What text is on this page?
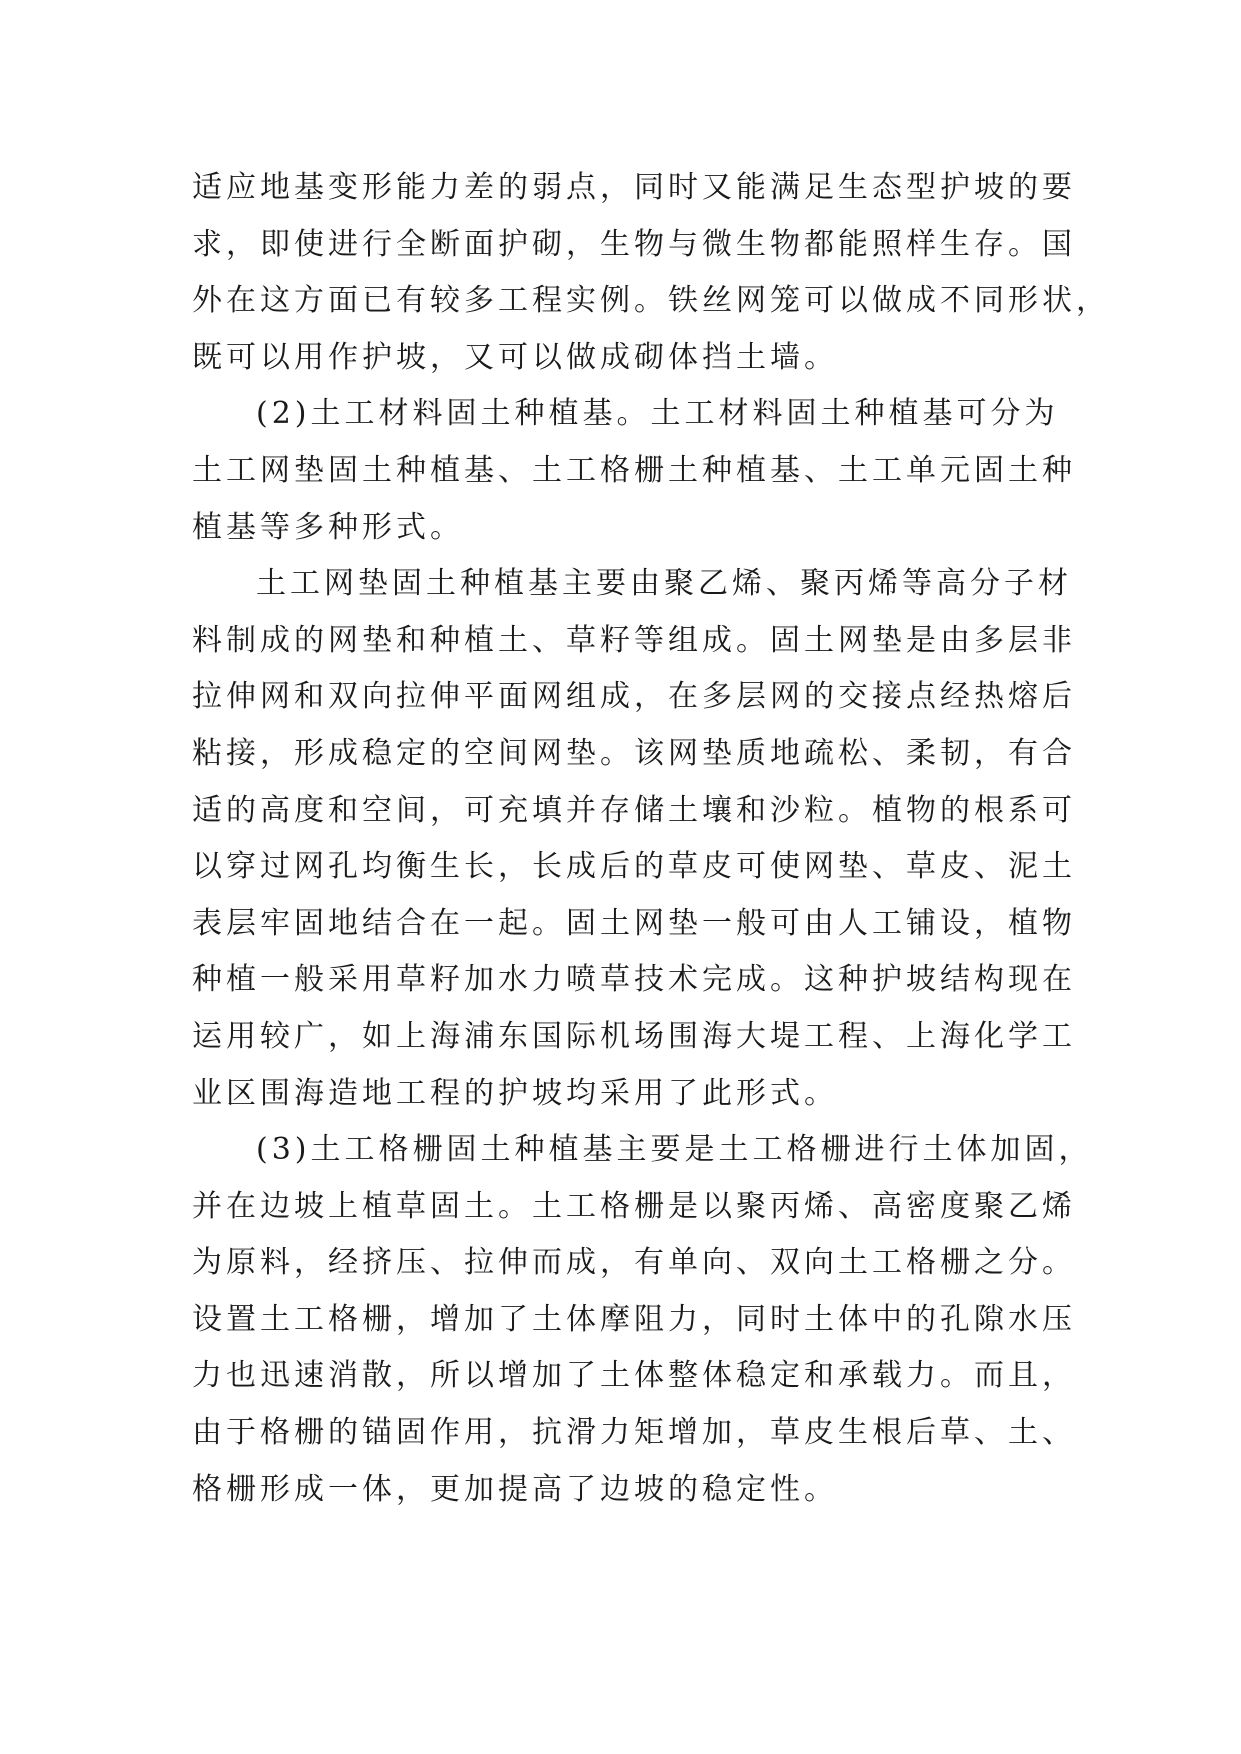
适应地基变形能力差的弱点，同时又能满足生态型护坡的要
求，即使进行全断面护砌，生物与微生物都能照样生存。国
外在这方面已有较多工程实例。铁丝网笼可以做成不同形状，
既可以用作护坡，又可以做成砌体挡土墙。
(2)土工材料固土种植基。土工材料固土种植基可分为
土工网垫固土种植基、土工格栅土种植基、土工单元固土种
植基等多种形式。
土工网垫固土种植基主要由聚乙烯、聚丙烯等高分子材
料制成的网垫和种植土、草籽等组成。固土网垫是由多层非
拉伸网和双向拉伸平面网组成，在多层网的交接点经热熔后
粘接，形成稳定的空间网垫。该网垫质地疏松、柔韧，有合
适的高度和空间，可充填并存储土壤和沙粒。植物的根系可
以穿过网孔均衡生长，长成后的草皮可使网垫、草皮、泥土
表层牢固地结合在一起。固土网垫一般可由人工铺设，植物
种植一般采用草籽加水力喷草技术完成。这种护坡结构现在
运用较广，如上海浦东国际机场围海大堤工程、上海化学工
业区围海造地工程的护坡均采用了此形式。
(3)土工格栅固土种植基主要是土工格栅进行土体加固，
并在边坡上植草固土。土工格栅是以聚丙烯、高密度聚乙烯
为原料，经挤压、拉伸而成，有单向、双向土工格栅之分。
设置土工格栅，增加了土体摩阻力，同时土体中的孔隙水压
力也迅速消散，所以增加了土体整体稳定和承载力。而且，
由于格栅的锚固作用，抗滑力矩增加，草皮生根后草、土、
格栅形成一体，更加提高了边坡的稳定性。
